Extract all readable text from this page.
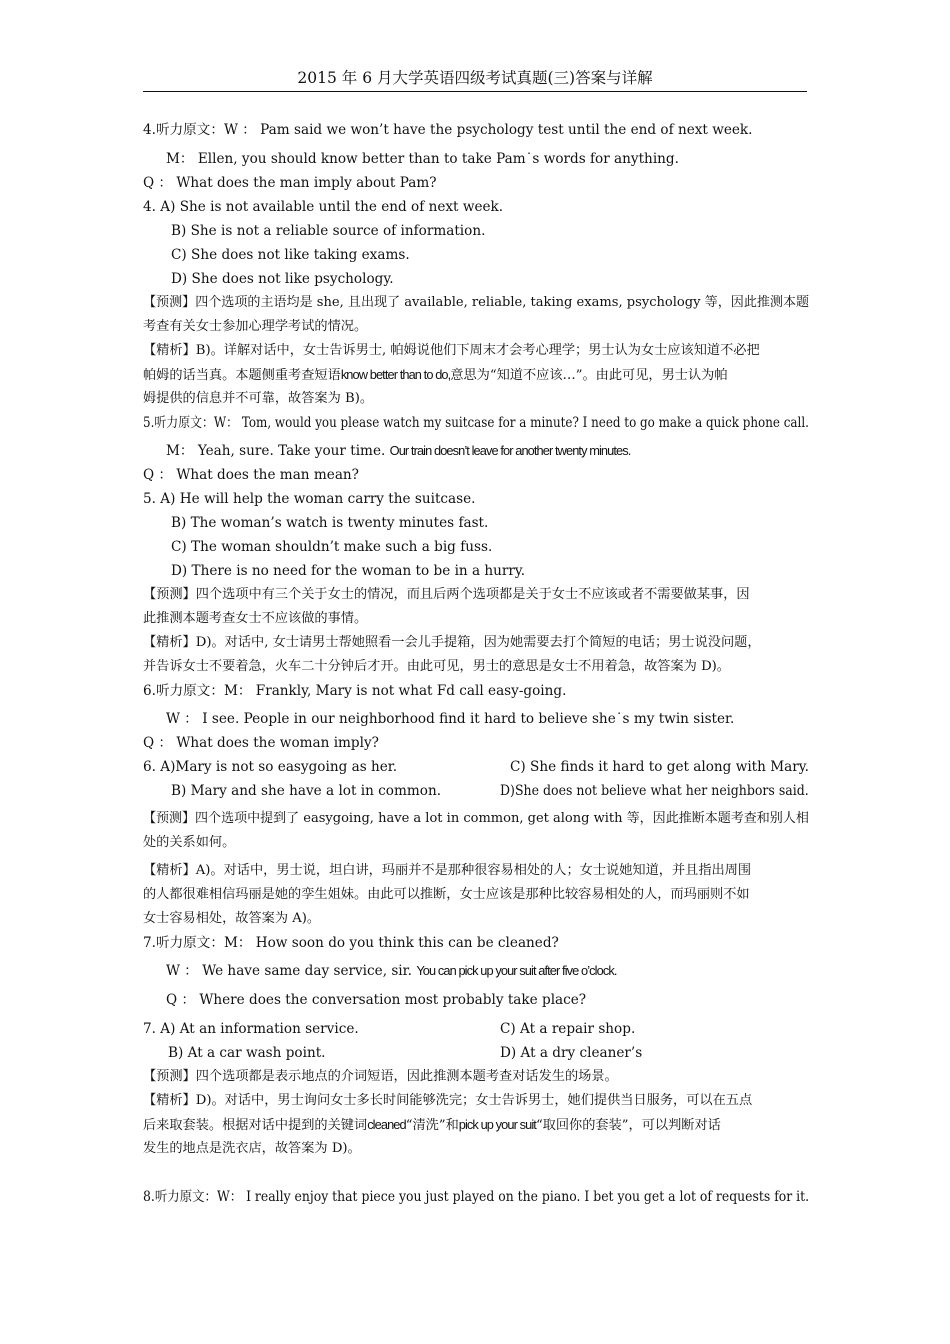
2015 年 6 月大学英语四级考试真题(三)答案与详解
4.听力原文：W ： Pam said we won’t have the psychology test until the end of next week.
M： Ellen, you should know better than to take Pam˙s words for anything.
Q ： What does the man imply about Pam?
4. A) She is not available until the end of next week.
B) She is not a reliable source of information.
C) She does not like taking exams.
D) She does not like psychology.
【预测】四个选项的主语均是 she, 且出现了 available, reliable, taking exams, psychology 等，因此推测本题
考查有关女士参加心理学考试的情况。
【精析】B)。详解对话中，女士告诉男士, 帕姆说他们下周末才会考心理学；男士认为女士应该知道不必把
帕姆的话当真。本题侧重考查短语know better than to do,意思为“知道不应该…”。由此可见，男士认为帕
姆提供的信息并不可靠，故答案为 B)。
5.听力原文：W： Tom, would you please watch my suitcase for a minute? I need to go make a quick phone call.
M： Yeah, sure. Take your time. Our train doesn’t leave for another twenty minutes.
Q ： What does the man mean?
5. A) He will help the woman carry the suitcase.
B) The woman’s watch is twenty minutes fast.
C) The woman shouldn’t make such a big fuss.
D) There is no need for the woman to be in a hurry.
【预测】四个选项中有三个关于女士的情况，而且后两个选项都是关于女士不应该或者不需要做某事，因
此推测本题考查女士不应该做的事情。
【精析】D)。对话中, 女士请男士帮她照看一会儿手提箱，因为她需要去打个简短的电话；男士说没问题，
并告诉女士不要着急，火车二十分钟后才开。由此可见，男士的意思是女士不用着急，故答案为 D)。
6.听力原文：M： Frankly, Mary is not what Fd call easy-going.
W ： I see. People in our neighborhood find it hard to believe she˙s my twin sister.
Q ： What does the woman imply?
6. A)Mary is not so easygoing as her.	C) She finds it hard to get along with Mary.
B) Mary and she have a lot in common.	D)She does not believe what her neighbors said.
【预测】四个选项中提到了 easygoing, have a lot in common, get along with 等，因此推断本题考查和别人相
处的关系如何。
【精析】A)。对话中，男士说，坦白讲，玛丽并不是那种很容易相处的人；女士说她知道，并且指出周围
的人都很难相信玛丽是她的孪生姐妹。由此可以推断，女士应该是那种比较容易相处的人，而玛丽则不如
女士容易相处，故答案为 A)。
7.听力原文：M： How soon do you think this can be cleaned?
W ： We have same day service, sir. You can pick up your suit after five o’clock.
Q ： Where does the conversation most probably take place?
7. A) At an information service.	C) At a repair shop.
B) At a car wash point.	D) At a dry cleaner’s
【预测】四个选项都是表示地点的介词短语，因此推测本题考查对话发生的场景。
【精析】D)。对话中，男士询问女士多长时间能够洗完；女士告诉男士，她们提供当日服务，可以在五点
后来取套装。根据对话中提到的关键词cleaned“清洗”和pick up your suit“取回你的套装”，可以判断对话
发生的地点是洗衣店，故答案为 D)。
8.听力原文：W： I really enjoy that piece you just played on the piano. I bet you get a lot of requests for it.
